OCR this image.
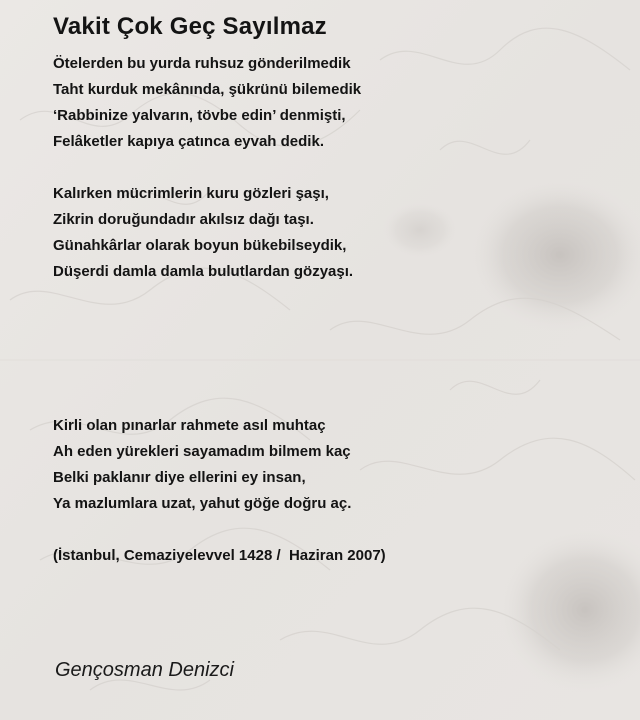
Vakit Çok Geç Sayılmaz
Ötelerden bu yurda ruhsuz gönderilmedik
Taht kurduk mekânında, şükrünü bilemedik
‘Rabbinize yalvarın, tövbe edin’ denmişti,
Felâketler kapıya çatınca eyvah dedik.
Kalırken mücrimlerin kuru gözleri şaşı,
Zikrin doruğundadır akılsız dağı taşı.
Günahkârlar olarak boyun bükebilseydik,
Düşerdi damla damla bulutlardan gözyaşı.
Kirli olan pınarlar rahmete asıl muhtaç
Ah eden yürekleri sayamadım bilmem kaç
Belki paklanır diye ellerini ey insan,
Ya mazlumlara uzat, yahut göğe doğru aç.
(İstanbul, Cemaziyelevvel 1428 /  Haziran 2007)
Gençosman Denizci
